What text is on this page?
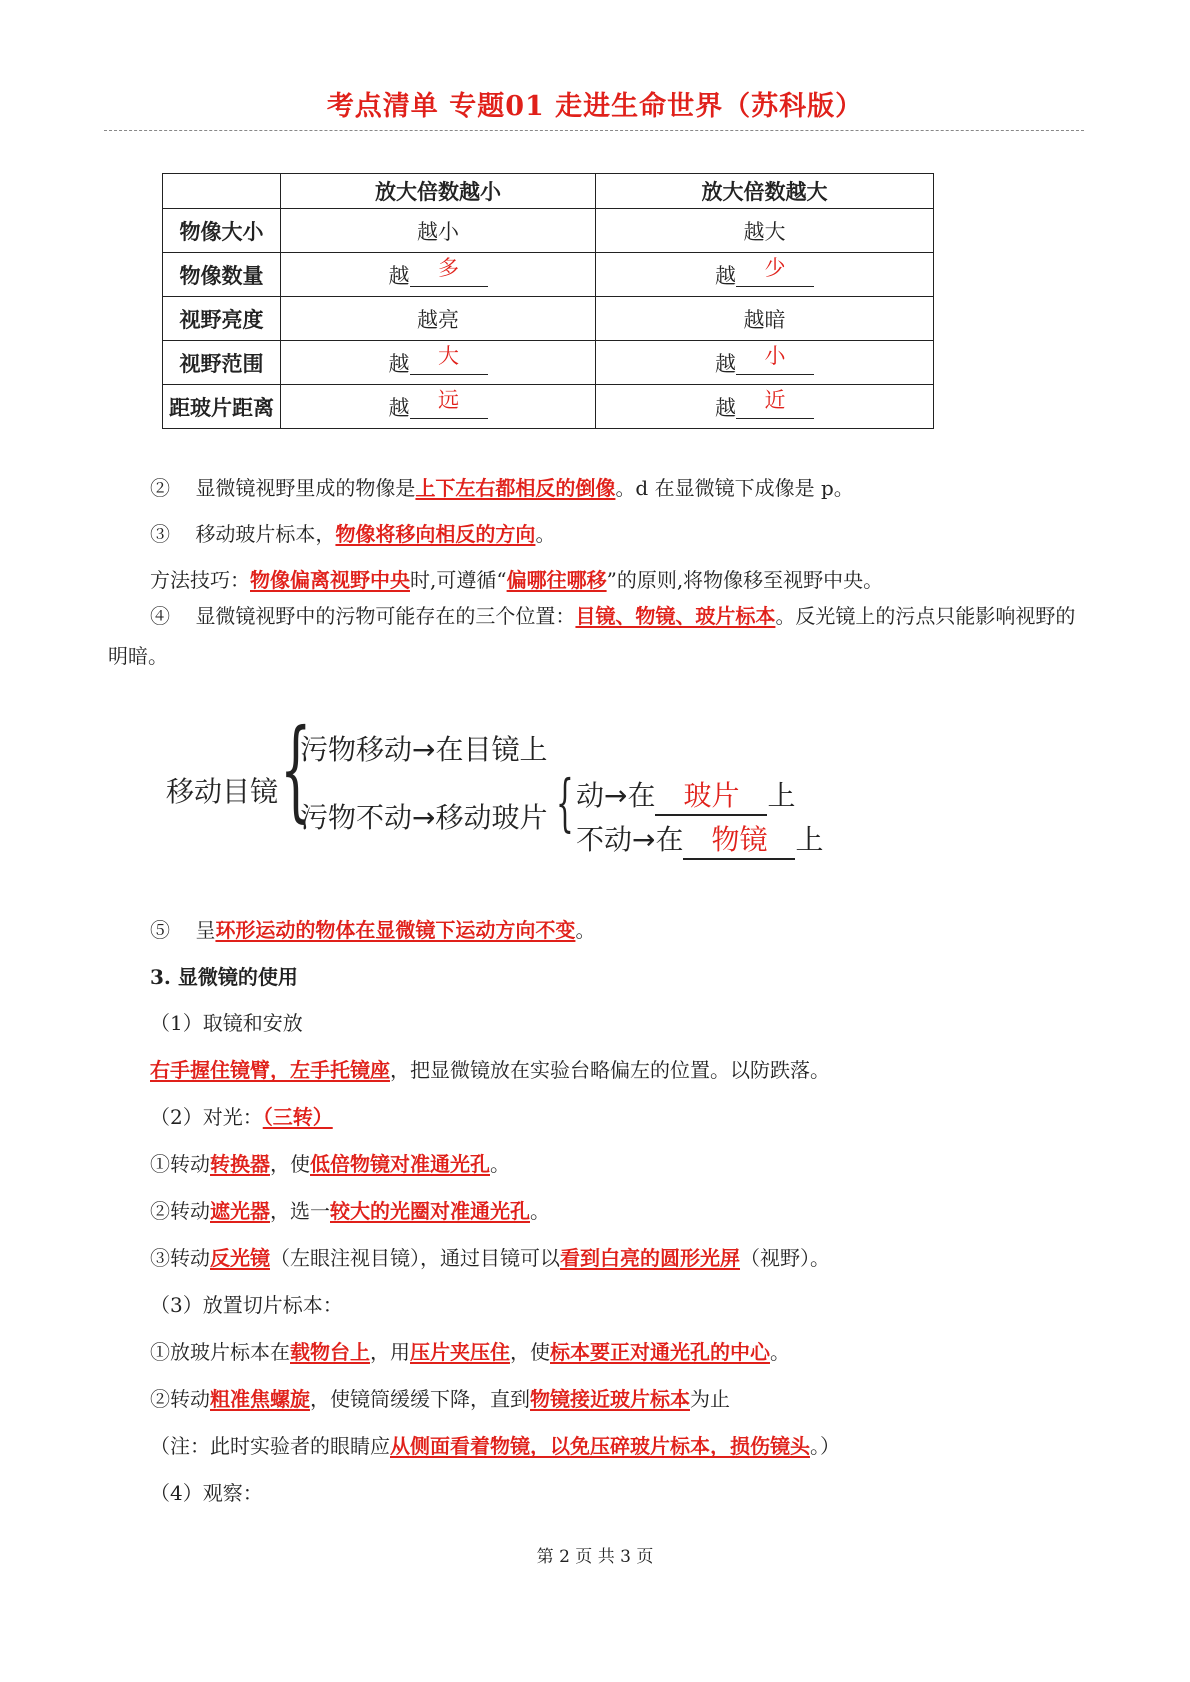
考点清单 专题01 走进生命世界（苏科版）
	放大倍数越小	放大倍数越大
物像大小	越小	越大
物像数量	越 多	越 少

视野亮度	越亮	越暗
视野范围	越 大	越 小

距玻片距离	越 远	越 近
② 显微镜视野里成的物像是上下左右都相反的倒像。d 在显微镜下成像是 p。
③ 移动玻片标本，物像将移向相反的方向。
方法技巧：物像偏离视野中央时,可遵循“偏哪往哪移”的原则,将物像移至视野中央。
④ 显微镜视野中的污物可能存在的三个位置：目镜、物镜、玻片标本。反光镜上的污点只能影响视野的明暗。
移动目镜 {
污物移动→在目镜上
污物不动→移动玻片 { 动→在 玻片 上
不动→在 物镜 上
⑤ 呈环形运动的物体在显微镜下运动方向不变。
3. 显微镜的使用
（1）取镜和安放
右手握住镜臂，左手托镜座，把显微镜放在实验台略偏左的位置。以防跌落。
（2）对光：（三转）
①转动转换器，使低倍物镜对准通光孔。
②转动遮光器，选一较大的光圈对准通光孔。
③转动反光镜（左眼注视目镜），通过目镜可以看到白亮的圆形光屏（视野）。
（3）放置切片标本：
①放玻片标本在载物台上，用压片夹压住，使标本要正对通光孔的中心。
②转动粗准焦螺旋，使镜筒缓缓下降，直到物镜接近玻片标本为止
（注：此时实验者的眼睛应从侧面看着物镜，以免压碎玻片标本，损伤镜头。）
（4）观察：
第 2 页 共 3 页
